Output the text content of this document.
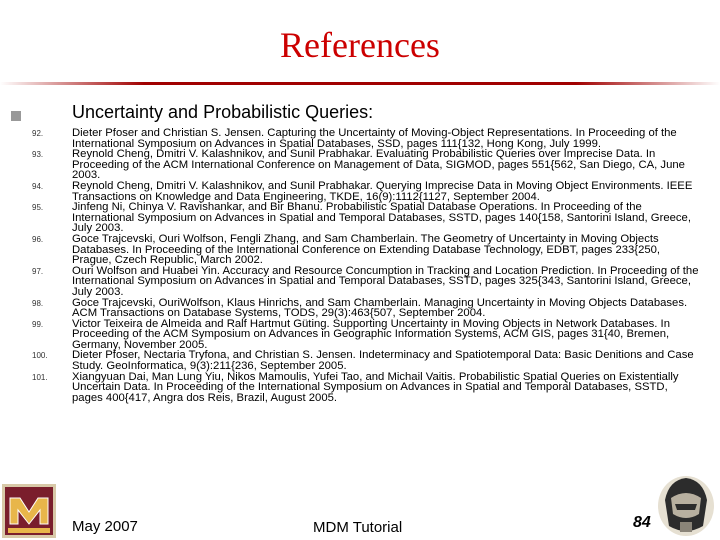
References
Uncertainty and Probabilistic Queries:
92.	Dieter Pfoser and Christian S. Jensen. Capturing the Uncertainty of Moving-Object Representations. In Proceeding of the International Symposium on Advances in Spatial Databases, SSD, pages 111{132, Hong Kong, July 1999.
93.	Reynold Cheng, Dmitri V. Kalashnikov, and Sunil Prabhakar. Evaluating Probabilistic Queries over Imprecise Data. In Proceeding of the ACM International Conference on Management of Data, SIGMOD, pages 551{562, San Diego, CA, June 2003.
94.	Reynold Cheng, Dmitri V. Kalashnikov, and Sunil Prabhakar. Querying Imprecise Data in Moving Object Environments. IEEE Transactions on Knowledge and Data Engineering, TKDE, 16(9):1112{1127, September 2004.
95.	Jinfeng Ni, Chinya V. Ravishankar, and Bir Bhanu. Probabilistic Spatial Database Operations. In Proceeding of the International Symposium on Advances in Spatial and Temporal Databases, SSTD, pages 140{158, Santorini Island, Greece, July 2003.
96.	Goce Trajcevski, Ouri Wolfson, Fengli Zhang, and Sam Chamberlain. The Geometry of Uncertainty in Moving Objects Databases. In Proceeding of the International Conference on Extending Database Technology, EDBT, pages 233{250, Prague, Czech Republic, March 2002.
97.	Ouri Wolfson and Huabei Yin. Accuracy and Resource Concumption in Tracking and Location Prediction. In Proceeding of the International Symposium on Advances in Spatial and Temporal Databases, SSTD, pages 325{343, Santorini Island, Greece, July 2003.
98.	Goce Trajcevski, OuriWolfson, Klaus Hinrichs, and Sam Chamberlain. Managing Uncertainty in Moving Objects Databases. ACM Transactions on Database Systems, TODS, 29(3):463{507, September 2004.
99.	Victor Teixeira de Almeida and Ralf Hartmut Güting. Supporting Uncertainty in Moving Objects in Network Databases. In Proceeding of the ACM Symposium on Advances in Geographic Information Systems, ACM GIS, pages 31{40, Bremen, Germany, November 2005.
100.	Dieter Pfoser, Nectaria Tryfona, and Christian S. Jensen. Indeterminacy and Spatiotemporal Data: Basic Denitions and Case Study. GeoInformatica, 9(3):211{236, September 2005.
101.	Xiangyuan Dai, Man Lung Yiu, Nikos Mamoulis, Yufei Tao, and Michail Vaitis. Probabilistic Spatial Queries on Existentially Uncertain Data. In Proceeding of the International Symposium on Advances in Spatial and Temporal Databases, SSTD, pages 400{417, Angra dos Reis, Brazil, August 2005.
May 2007	MDM Tutorial	84
